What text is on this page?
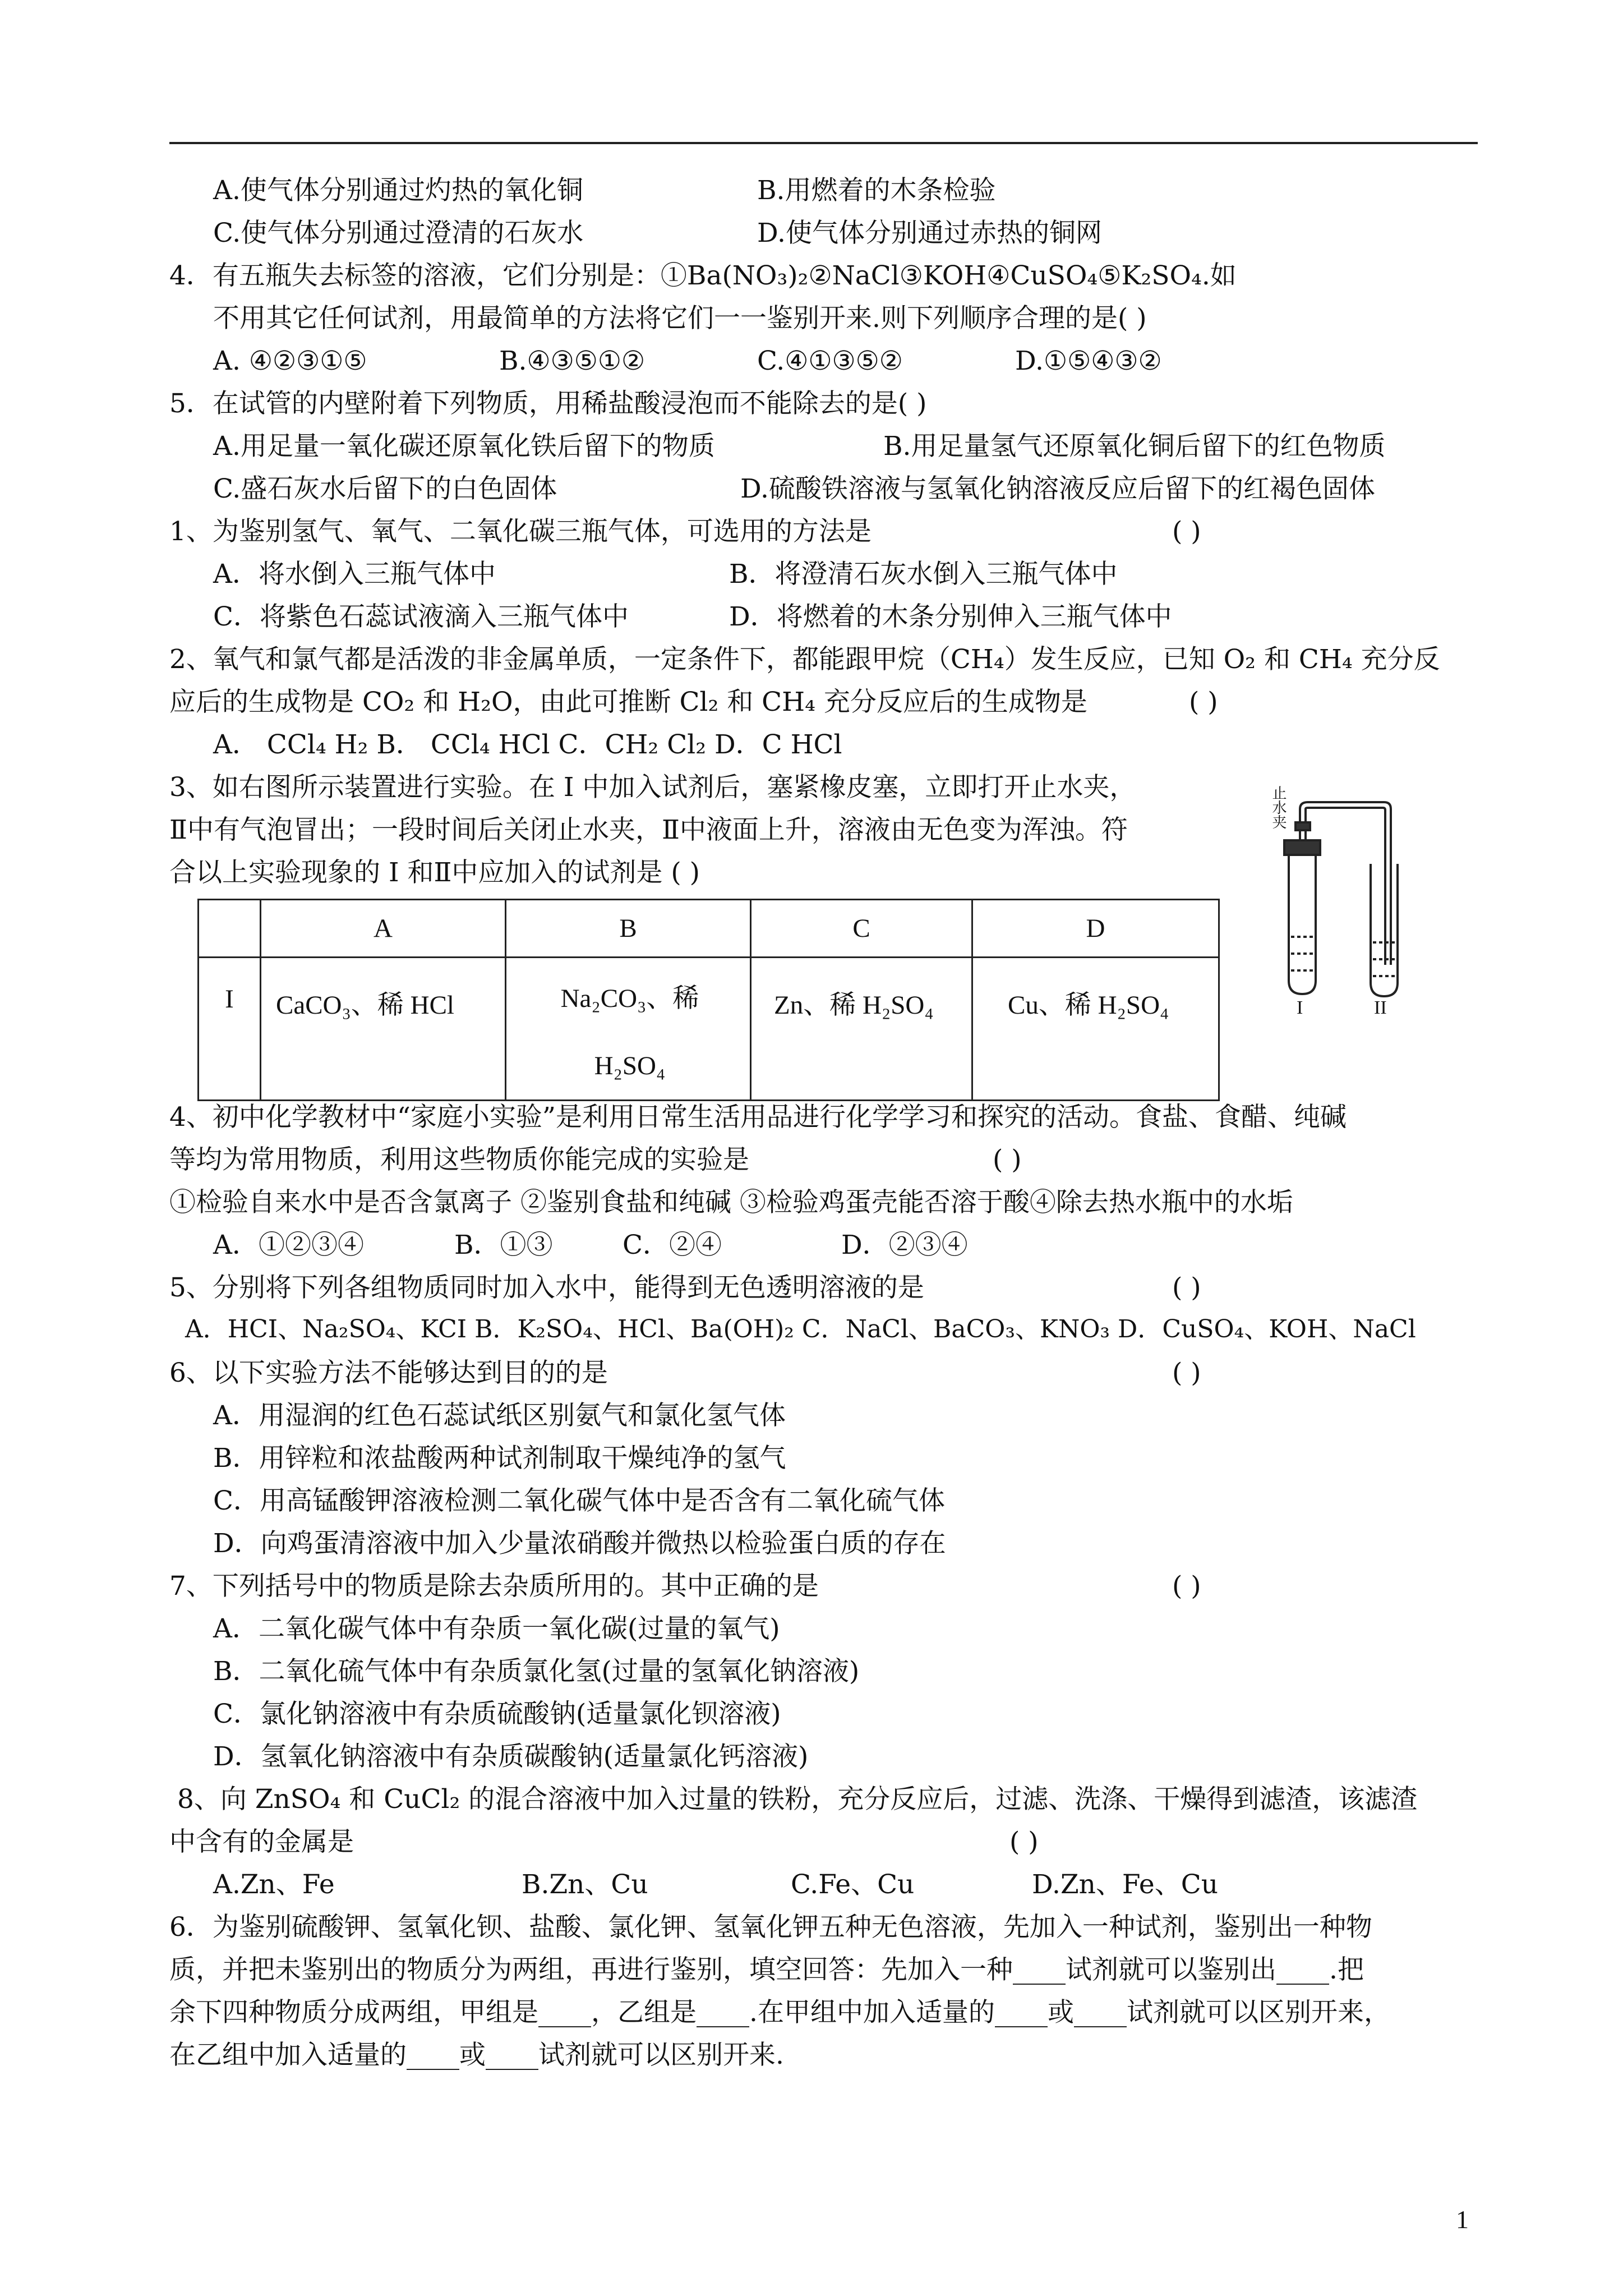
A.使气体分别通过灼热的氧化铜	B.用燃着的木条检验
C.使气体分别通过澄清的石灰水	D.使气体分别通过赤热的铜网
4．有五瓶失去标签的溶液，它们分别是：①Ba(NO₃)₂②NaCl③KOH④CuSO₄⑤K₂SO₄.如
不用其它任何试剂，用最简单的方法将它们一一鉴别开来.则下列顺序合理的是( )
A. ④②③①⑤	B.④③⑤①②	C.④①③⑤②	D.①⑤④③②
5．在试管的内壁附着下列物质，用稀盐酸浸泡而不能除去的是( )
A.用足量一氧化碳还原氧化铁后留下的物质	B.用足量氢气还原氧化铜后留下的红色物质
C.盛石灰水后留下的白色固体	D.硫酸铁溶液与氢氧化钠溶液反应后留下的红褐色固体
1、为鉴别氢气、氧气、二氧化碳三瓶气体，可选用的方法是	( )
A．将水倒入三瓶气体中	B．将澄清石灰水倒入三瓶气体中
C．将紫色石蕊试液滴入三瓶气体中	D．将燃着的木条分别伸入三瓶气体中
2、氧气和氯气都是活泼的非金属单质，一定条件下，都能跟甲烷（CH₄）发生反应，已知 O₂ 和 CH₄ 充分反
应后的生成物是 CO₂ 和 H₂O，由此可推断 Cl₂ 和 CH₄ 充分反应后的生成物是	( )
A． CCl₄ H₂ B． CCl₄ HCl C．CH₂ Cl₂ D．C HCl
3、如右图所示装置进行实验。在 I 中加入试剂后，塞紧橡皮塞，立即打开止水夹，
Ⅱ中有气泡冒出；一段时间后关闭止水夹，Ⅱ中液面上升，溶液由无色变为浑浊。符
合以上实验现象的 I 和Ⅱ中应加入的试剂是 ( )
	A	B	C	D
I	CaCO₃、稀 HCl	Na₂CO₃、稀 H₂SO₄	Zn、稀 H₂SO₄	Cu、稀 H₂SO₄
止水夹
I	II
4、初中化学教材中“家庭小实验”是利用日常生活用品进行化学学习和探究的活动。食盐、食醋、纯碱
等均为常用物质，利用这些物质你能完成的实验是	( )
①检验自来水中是否含氯离子 ②鉴别食盐和纯碱 ③检验鸡蛋壳能否溶于酸④除去热水瓶中的水垢
A．①②③④	B．①③	C．②④	D．②③④
5、分别将下列各组物质同时加入水中，能得到无色透明溶液的是	( )
A．HCI、Na₂SO₄、KCI B．K₂SO₄、HCl、Ba(OH)₂ C．NaCl、BaCO₃、KNO₃ D．CuSO₄、KOH、NaCl
6、以下实验方法不能够达到目的的是	( )
A．用湿润的红色石蕊试纸区别氨气和氯化氢气体
B．用锌粒和浓盐酸两种试剂制取干燥纯净的氢气
C．用高锰酸钾溶液检测二氧化碳气体中是否含有二氧化硫气体
D．向鸡蛋清溶液中加入少量浓硝酸并微热以检验蛋白质的存在
7、下列括号中的物质是除去杂质所用的。其中正确的是	( )
A．二氧化碳气体中有杂质一氧化碳(过量的氧气)
B．二氧化硫气体中有杂质氯化氢(过量的氢氧化钠溶液)
C．氯化钠溶液中有杂质硫酸钠(适量氯化钡溶液)
D．氢氧化钠溶液中有杂质碳酸钠(适量氯化钙溶液)
8、向 ZnSO₄ 和 CuCl₂ 的混合溶液中加入过量的铁粉，充分反应后，过滤、洗涤、干燥得到滤渣，该滤渣
中含有的金属是	( )
A.Zn、Fe	B.Zn、Cu	C.Fe、Cu	D.Zn、Fe、Cu
6．为鉴别硫酸钾、氢氧化钡、盐酸、氯化钾、氢氧化钾五种无色溶液，先加入一种试剂，鉴别出一种物
质，并把未鉴别出的物质分为两组，再进行鉴别，填空回答：先加入一种____试剂就可以鉴别出____.把
余下四种物质分成两组，甲组是____，乙组是____.在甲组中加入适量的____或____试剂就可以区别开来，
在乙组中加入适量的____或____试剂就可以区别开来.
1
